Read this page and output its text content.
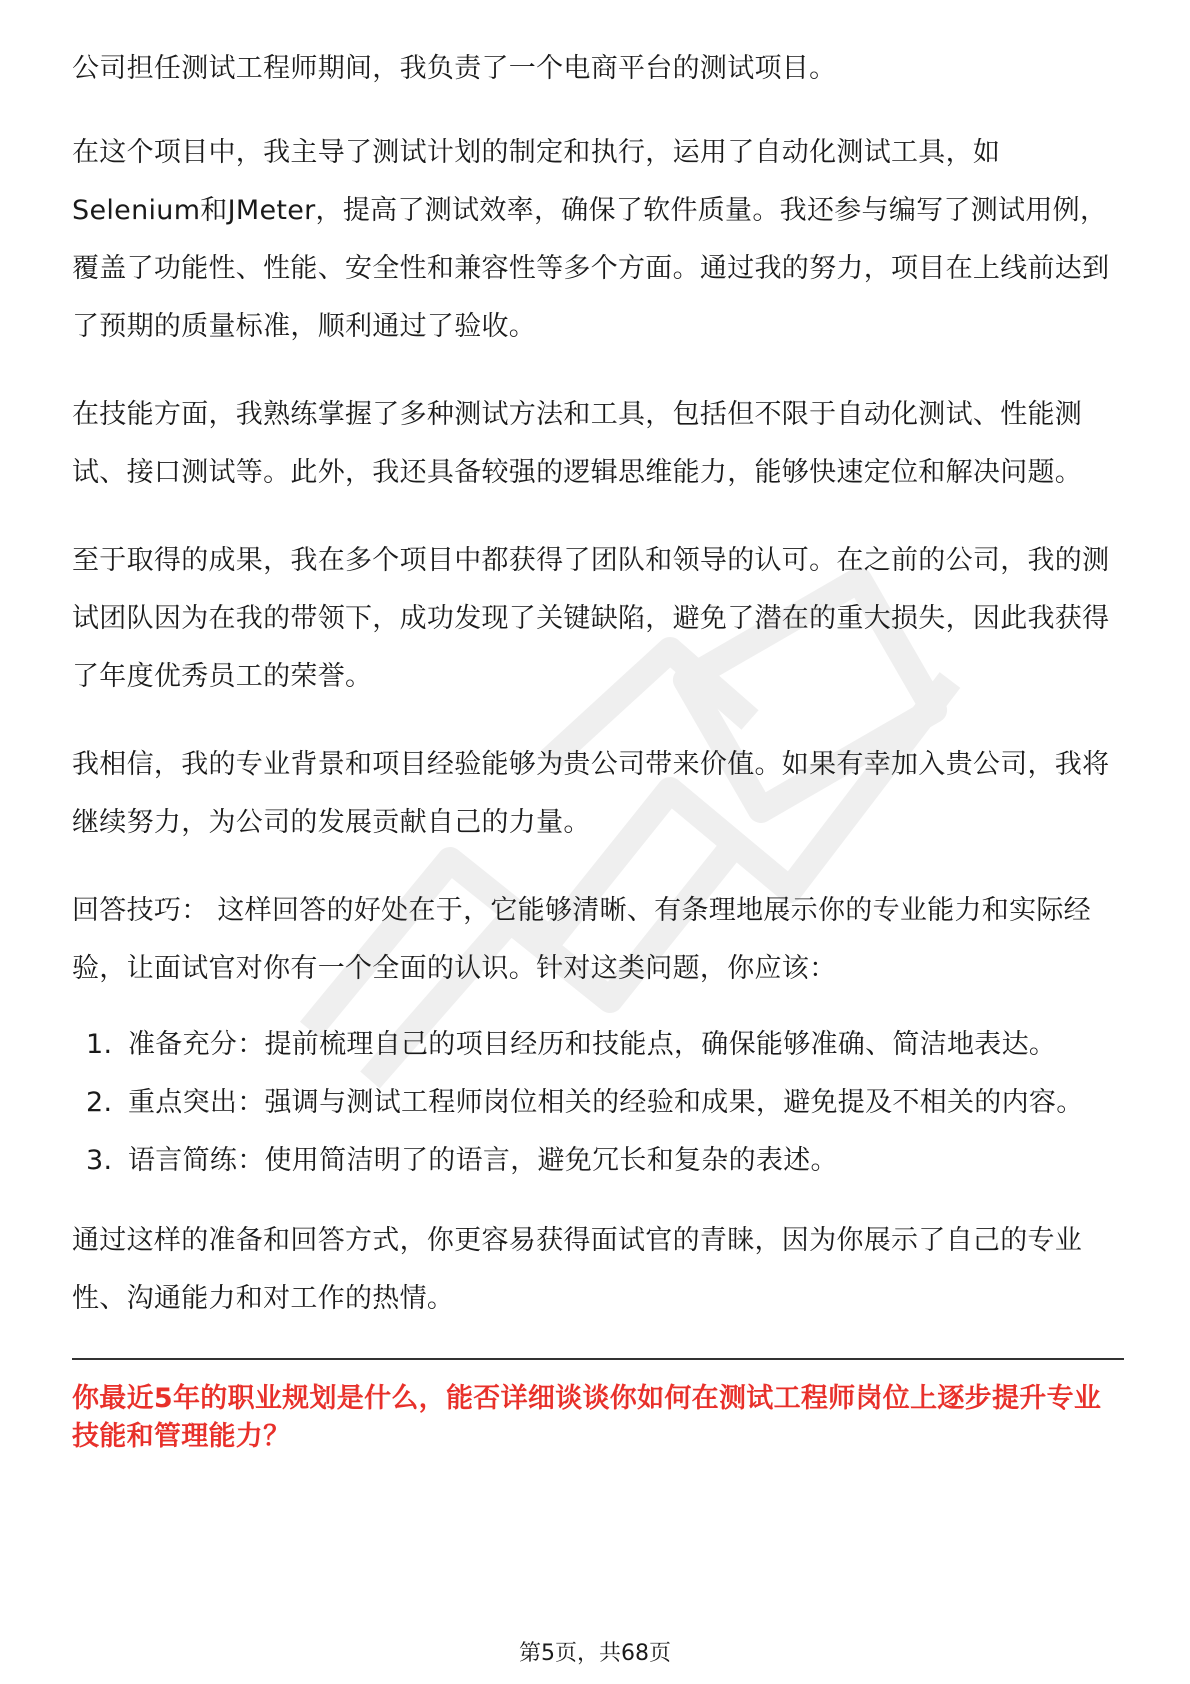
公司担任测试工程师期间，我负责了一个电商平台的测试项目。

在这个项目中，我主导了测试计划的制定和执行，运用了自动化测试工具，如Selenium和JMeter，提高了测试效率，确保了软件质量。我还参与编写了测试用例，覆盖了功能性、性能、安全性和兼容性等多个方面。通过我的努力，项目在上线前达到了预期的质量标准，顺利通过了验收。

在技能方面，我熟练掌握了多种测试方法和工具，包括但不限于自动化测试、性能测试、接口测试等。此外，我还具备较强的逻辑思维能力，能够快速定位和解决问题。

至于取得的成果，我在多个项目中都获得了团队和领导的认可。在之前的公司，我的测试团队因为在我的带领下，成功发现了关键缺陷，避免了潜在的重大损失，因此我获得了年度优秀员工的荣誉。

我相信，我的专业背景和项目经验能够为贵公司带来价值。如果有幸加入贵公司，我将继续努力，为公司的发展贡献自己的力量。

回答技巧： 这样回答的好处在于，它能够清晰、有条理地展示你的专业能力和实际经验，让面试官对你有一个全面的认识。针对这类问题，你应该：

1. 准备充分：提前梳理自己的项目经历和技能点，确保能够准确、简洁地表达。
2. 重点突出：强调与测试工程师岗位相关的经验和成果，避免提及不相关的内容。
3. 语言简练：使用简洁明了的语言，避免冗长和复杂的表述。

通过这样的准备和回答方式，你更容易获得面试官的青睐，因为你展示了自己的专业性、沟通能力和对工作的热情。

你最近5年的职业规划是什么，能否详细谈谈你如何在测试工程师岗位上逐步提升专业技能和管理能力？

第5页，共68页
